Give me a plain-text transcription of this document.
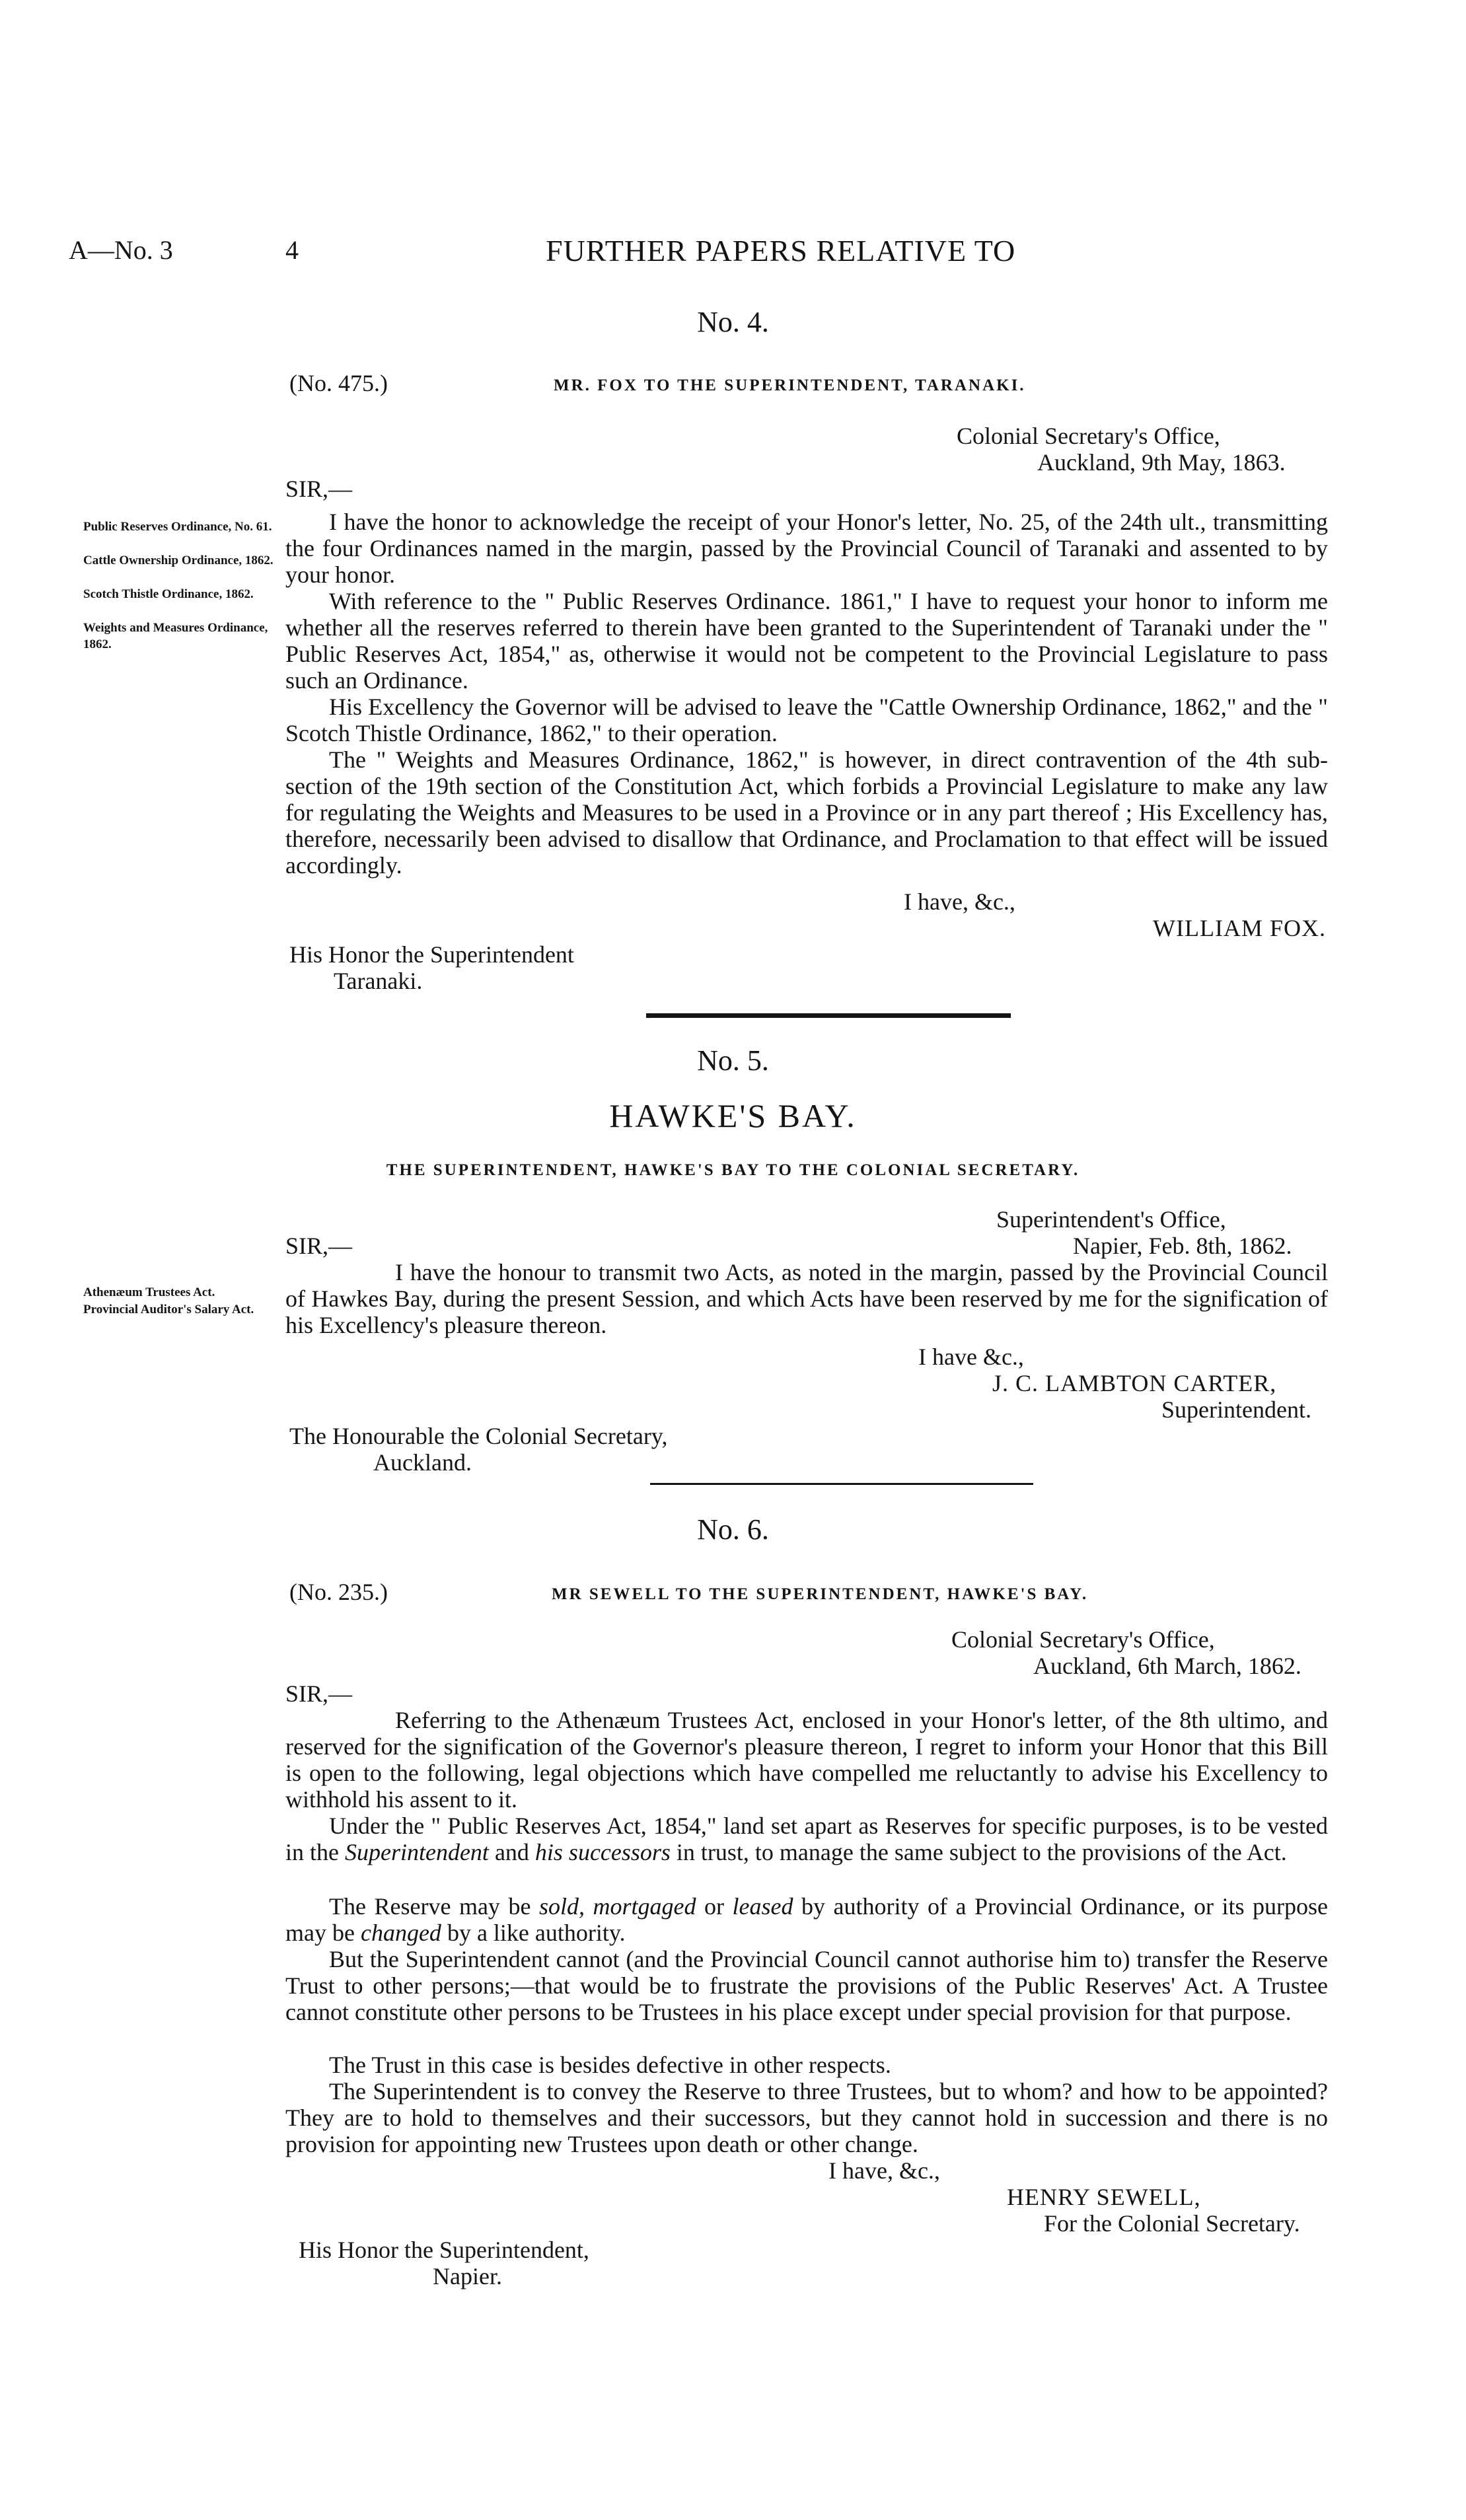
A—No. 3	4	FURTHER PAPERS RELATIVE TO
No. 4.
(No. 475.)	MR. FOX TO THE SUPERINTENDENT, TARANAKI.
Colonial Secretary's Office,
Auckland, 9th May, 1863.
SIR,—
Public Reserves Ordinance, No. 61.
Cattle Ownership Ordinance, 1862.
Scotch Thistle Ordinance, 1862.
Weights and Measures Ordinance, 1862.
I have the honor to acknowledge the receipt of your Honor's letter, No. 25, of the 24th ult., transmitting the four Ordinances named in the margin, passed by the Provincial Council of Taranaki and assented to by your honor.
With reference to the " Public Reserves Ordinance. 1861," I have to request your honor to inform me whether all the reserves referred to therein have been granted to the Superintendent of Taranaki under the " Public Reserves Act, 1854," as, otherwise it would not be competent to the Provincial Legislature to pass such an Ordinance.
His Excellency the Governor will be advised to leave the "Cattle Ownership Ordinance, 1862," and the " Scotch Thistle Ordinance, 1862," to their operation.
The " Weights and Measures Ordinance, 1862," is however, in direct contravention of the 4th sub-section of the 19th section of the Constitution Act, which forbids a Provincial Legislature to make any law for regulating the Weights and Measures to be used in a Province or in any part thereof ; His Excellency has, therefore, necessarily been advised to disallow that Ordinance, and Proclamation to that effect will be issued accordingly.
I have, &c.,
WILLIAM FOX.
His Honor the Superintendent
Taranaki.
No. 5.
HAWKE'S BAY.
THE SUPERINTENDENT, HAWKE'S BAY TO THE COLONIAL SECRETARY.
Superintendent's Office,
SIR,—	Napier, Feb. 8th, 1862.
Athenæum Trustees Act.
Provincial Auditor's Salary Act.
I have the honour to transmit two Acts, as noted in the margin, passed by the Provincial Council of Hawkes Bay, during the present Session, and which Acts have been reserved by me for the signification of his Excellency's pleasure thereon.
I have &c.,
J. C. LAMBTON CARTER,
Superintendent.
The Honourable the Colonial Secretary,
Auckland.
No. 6.
(No. 235.)	MR SEWELL TO THE SUPERINTENDENT, HAWKE'S BAY.
Colonial Secretary's Office,
Auckland, 6th March, 1862.
SIR,—
Referring to the Athenæum Trustees Act, enclosed in your Honor's letter, of the 8th ultimo, and reserved for the signification of the Governor's pleasure thereon, I regret to inform your Honor that this Bill is open to the following, legal objections which have compelled me reluctantly to advise his Excellency to withhold his assent to it.
Under the " Public Reserves Act, 1854," land set apart as Reserves for specific purposes, is to be vested in the Superintendent and his successors in trust, to manage the same subject to the provisions of the Act.
The Reserve may be sold, mortgaged or leased by authority of a Provincial Ordinance, or its purpose may be changed by a like authority.
But the Superintendent cannot (and the Provincial Council cannot authorise him to) transfer the Reserve Trust to other persons;—that would be to frustrate the provisions of the Public Reserves' Act. A Trustee cannot constitute other persons to be Trustees in his place except under special provision for that purpose.
The Trust in this case is besides defective in other respects.
The Superintendent is to convey the Reserve to three Trustees, but to whom? and how to be appointed? They are to hold to themselves and their successors, but they cannot hold in succession and there is no provision for appointing new Trustees upon death or other change.
I have, &c.,
HENRY SEWELL,
For the Colonial Secretary.
His Honor the Superintendent,
Napier.
